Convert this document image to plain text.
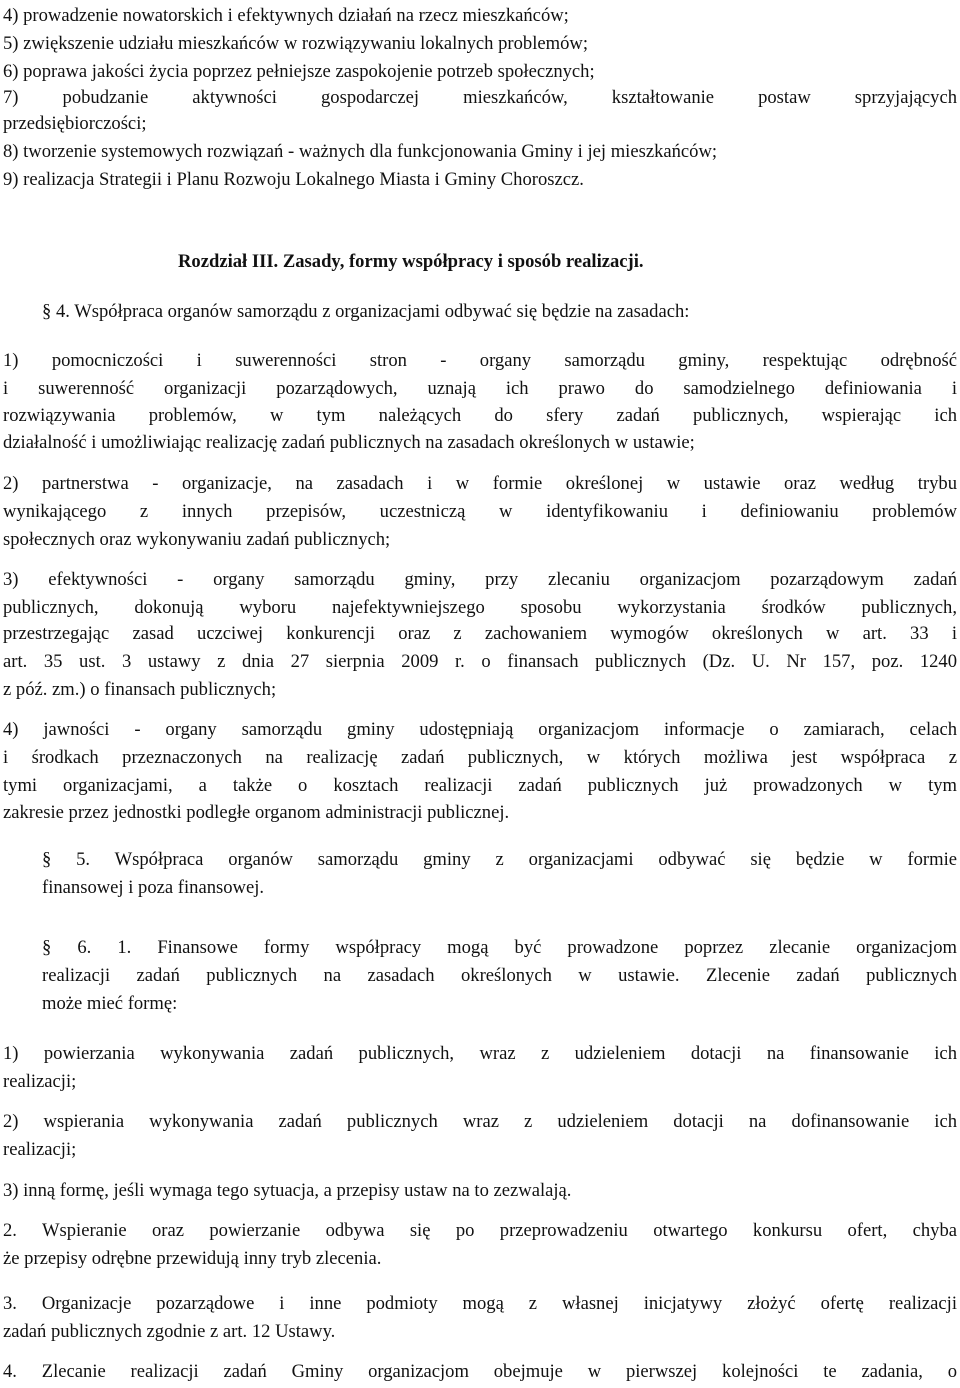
4) prowadzenie nowatorskich i efektywnych działań na rzecz mieszkańców;
5) zwiększenie udziału mieszkańców w rozwiązywaniu lokalnych problemów;
6) poprawa jakości życia poprzez pełniejsze zaspokojenie potrzeb społecznych;
7) pobudzanie aktywności gospodarczej mieszkańców, kształtowanie postaw sprzyjających
przedsiębiorczości;
8) tworzenie systemowych rozwiązań - ważnych dla funkcjonowania Gminy i jej mieszkańców;
9) realizacja Strategii i Planu Rozwoju Lokalnego Miasta i Gminy Choroszcz.
Rozdział III. Zasady, formy współpracy i sposób realizacji.
§ 4. Współpraca organów samorządu z organizacjami odbywać się będzie na zasadach:
1) pomocniczości i suwerenności stron - organy samorządu gminy, respektując odrębność
i suwerenność organizacji pozarządowych, uznają ich prawo do samodzielnego definiowania i
rozwiązywania problemów, w tym należących do sfery zadań publicznych, wspierając ich
działalność i umożliwiając realizację zadań publicznych na zasadach określonych w ustawie;
2) partnerstwa - organizacje, na zasadach i w formie określonej w ustawie oraz według trybu
wynikającego z innych przepisów, uczestniczą w identyfikowaniu i definiowaniu problemów
społecznych oraz wykonywaniu zadań publicznych;
3) efektywności - organy samorządu gminy, przy zlecaniu organizacjom pozarządowym zadań
publicznych, dokonują wyboru najefektywniejszego sposobu wykorzystania środków publicznych,
przestrzegając zasad uczciwej konkurencji oraz z zachowaniem wymogów określonych w art. 33 i
art. 35 ust. 3 ustawy z dnia 27 sierpnia 2009 r. o finansach publicznych (Dz. U. Nr 157, poz. 1240
z póź. zm.) o finansach publicznych;
4) jawności - organy samorządu gminy udostępniają organizacjom informacje o zamiarach, celach
i środkach przeznaczonych na realizację zadań publicznych, w których możliwa jest współpraca z
tymi organizacjami, a także o kosztach realizacji zadań publicznych już prowadzonych w tym
zakresie przez jednostki podległe organom administracji publicznej.
§ 5. Współpraca organów samorządu gminy z organizacjami odbywać się będzie w formie
finansowej i poza finansowej.
§ 6. 1. Finansowe formy współpracy mogą być prowadzone poprzez zlecanie organizacjom
realizacji zadań publicznych na zasadach określonych w ustawie. Zlecenie zadań publicznych
może mieć formę:
1) powierzania wykonywania zadań publicznych, wraz z udzieleniem dotacji na finansowanie ich
realizacji;
2) wspierania wykonywania zadań publicznych wraz z udzieleniem dotacji na dofinansowanie ich
realizacji;
3) inną formę, jeśli wymaga tego sytuacja, a przepisy ustaw na to zezwalają.
2. Wspieranie oraz powierzanie odbywa się po przeprowadzeniu otwartego konkursu ofert, chyba
że przepisy odrębne przewidują inny tryb zlecenia.
3. Organizacje pozarządowe i inne podmioty mogą z własnej inicjatywy złożyć ofertę realizacji
zadań publicznych zgodnie z art. 12 Ustawy.
4. Zlecanie realizacji zadań Gminy organizacjom obejmuje w pierwszej kolejności te zadania, o
